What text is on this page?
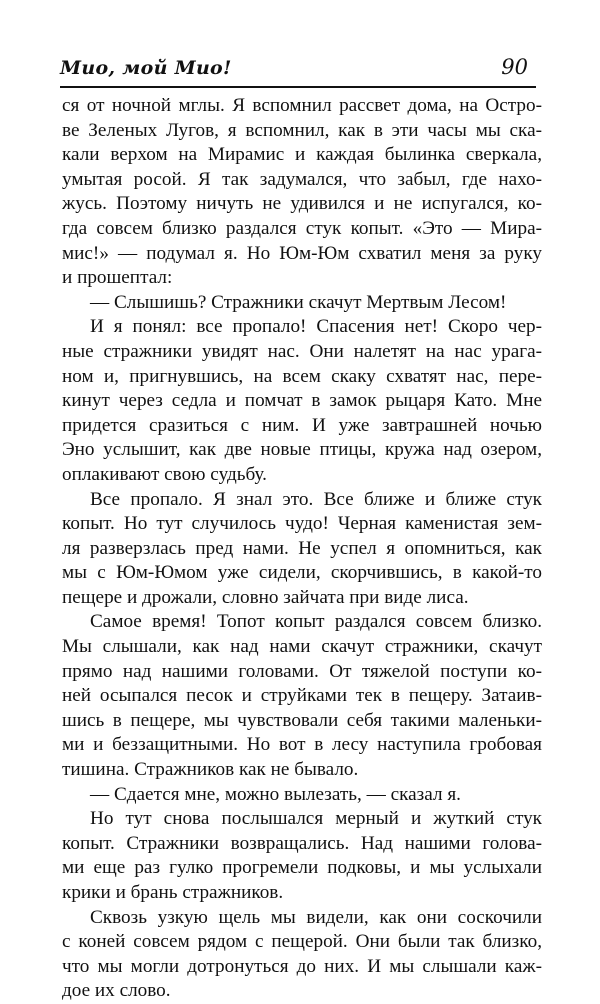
Мио, мой Мио!	90
ся от ночной мглы. Я вспомнил рассвет дома, на Остро-
ве Зеленых Лугов, я вспомнил, как в эти часы мы ска-
кали верхом на Мирамис и каждая былинка сверкала,
умытая росой. Я так задумался, что забыл, где нахо-
жусь. Поэтому ничуть не удивился и не испугался, ко-
гда совсем близко раздался стук копыт. «Это — Мира-
мис!» — подумал я. Но Юм-Юм схватил меня за руку
и прошептал:
— Слышишь? Стражники скачут Мертвым Лесом!
И я понял: все пропало! Спасения нет! Скоро чер-
ные стражники увидят нас. Они налетят на нас урага-
ном и, пригнувшись, на всем скаку схватят нас, пере-
кинут через седла и помчат в замок рыцаря Като. Мне
придется сразиться с ним. И уже завтрашней ночью
Эно услышит, как две новые птицы, кружа над озером,
оплакивают свою судьбу.
Все пропало. Я знал это. Все ближе и ближе стук
копыт. Но тут случилось чудо! Черная каменистая зем-
ля разверзлась пред нами. Не успел я опомниться, как
мы с Юм-Юмом уже сидели, скорчившись, в какой-то
пещере и дрожали, словно зайчата при виде лиса.
Самое время! Топот копыт раздался совсем близко.
Мы слышали, как над нами скачут стражники, скачут
прямо над нашими головами. От тяжелой поступи ко-
ней осыпался песок и струйками тек в пещеру. Затаив-
шись в пещере, мы чувствовали себя такими маленьки-
ми и беззащитными. Но вот в лесу наступила гробовая
тишина. Стражников как не бывало.
— Сдается мне, можно вылезать, — сказал я.
Но тут снова послышался мерный и жуткий стук
копыт. Стражники возвращались. Над нашими голова-
ми еще раз гулко прогремели подковы, и мы услыхали
крики и брань стражников.
Сквозь узкую щель мы видели, как они соскочили
с коней совсем рядом с пещерой. Они были так близко,
что мы могли дотронуться до них. И мы слышали каж-
дое их слово.
